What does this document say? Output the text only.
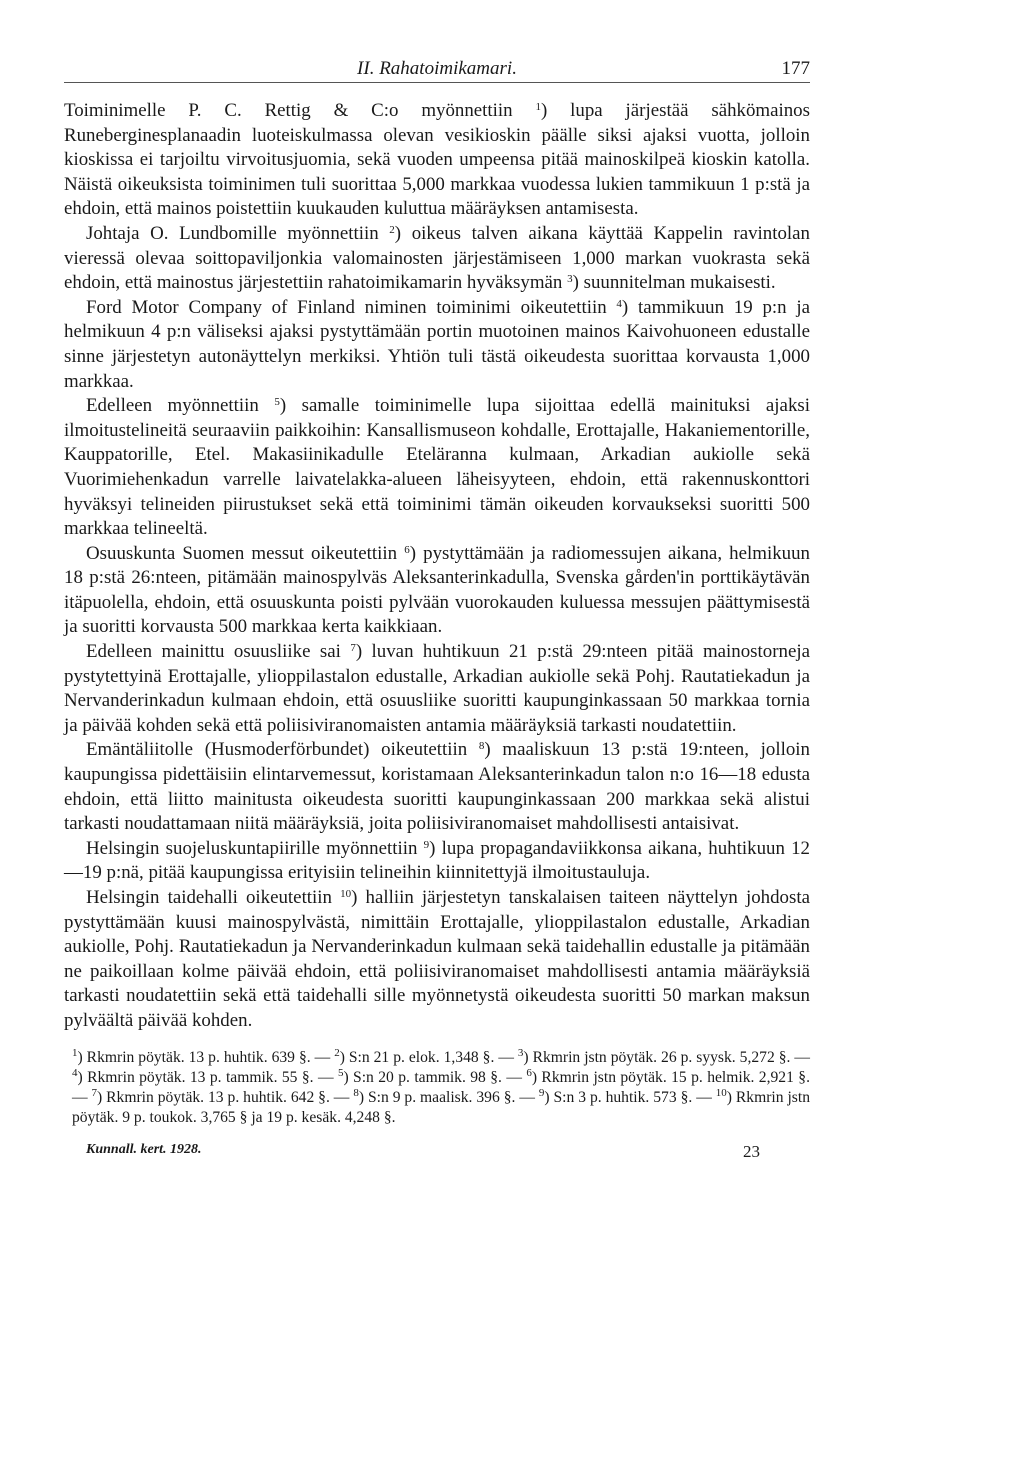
II. Rahatoimikamari.	177

Toiminimelle P. C. Rettig & C:o myönnettiin $^1$) lupa järjestää sähkömainos Runeberginesplanaadin luoteiskulmassa olevan vesikioskin päälle siksi ajaksi vuotta, jolloin kioskissa ei tarjoiltu virvoitusjuomia, sekä vuoden umpeensa pitää mainoskilpeä kioskin katolla. Näistä oikeuksista toiminimen tuli suorittaa 5,000 markkaa vuodessa lukien tammikuun 1 p:stä ja ehdoin, että mainos poistettiin kuukauden kuluttua määräyksen antamisesta.

Johtaja O. Lundbomille myönnettiin $^2$) oikeus talven aikana käyttää Kappelin ravintolan vieressä olevaa soittopaviljonkia valomainosten järjestämiseen 1,000 markan vuokrasta sekä ehdoin, että mainostus järjestettiin rahatoimikamarin hyväksymän $^3$) suunnitelman mukaisesti.

Ford Motor Company of Finland niminen toiminimi oikeutettiin $^4$) tammikuun 19 p:n ja helmikuun 4 p:n väliseksi ajaksi pystyttämään portin muotoinen mainos Kaivohuoneen edustalle sinne järjestetyn autonäyttelyn merkiksi. Yhtiön tuli tästä oikeudesta suorittaa korvausta 1,000 markkaa.

Edelleen myönnettiin $^5$) samalle toiminimelle lupa sijoittaa edellä mainituksi ajaksi ilmoitustelineitä seuraaviin paikkoihin: Kansallismuseon kohdalle, Erottajalle, Hakaniementorille, Kauppatorille, Etel. Makasiinikadulle Eteläranna kulmaan, Arkadian aukiolle sekä Vuorimiehenkadun varrelle laivatelakka-alueen läheisyyteen, ehdoin, että rakennuskonttori hyväksyi telineiden piirustukset sekä että toiminimi tämän oikeuden korvaukseksi suoritti 500 markkaa telineeltä.

Osuuskunta Suomen messut oikeutettiin $^6$) pystyttämään ja radiomessujen aikana, helmikuun 18 p:stä 26:nteen, pitämään mainospylväs Aleksanterinkadulla, Svenska gården'in porttikäytävän itäpuolella, ehdoin, että osuuskunta poisti pylvään vuorokauden kuluessa messujen päättymisestä ja suoritti korvausta 500 markkaa kerta kaikkiaan.

Edelleen mainittu osuusliike sai $^7$) luvan huhtikuun 21 p:stä 29:nteen pitää mainostorneja pystytettyinä Erottajalle, ylioppilastalon edustalle, Arkadian aukiolle sekä Pohj. Rautatiekadun ja Nervanderinkadun kulmaan ehdoin, että osuusliike suoritti kaupunginkassaan 50 markkaa tornia ja päivää kohden sekä että poliisiviranomaisten antamia määräyksiä tarkasti noudatettiin.

Emäntäliitolle (Husmoderförbundet) oikeutettiin $^8$) maaliskuun 13 p:stä 19:nteen, jolloin kaupungissa pidettäisiin elintarvemessut, koristamaan Aleksanterinkadun talon n:o 16—18 edusta ehdoin, että liitto mainitusta oikeudesta suoritti kaupunginkassaan 200 markkaa sekä alistui tarkasti noudattamaan niitä määräyksiä, joita poliisiviranomaiset mahdollisesti antaisivat.

Helsingin suojeluskuntapiirille myönnettiin $^9$) lupa propagandaviikkonsa aikana, huhtikuun 12—19 p:nä, pitää kaupungissa erityisiin telineihin kiinnitettyjä ilmoitustauluja.

Helsingin taidehalli oikeutettiin $^{10}$) halliin järjestetyn tanskalaisen taiteen näyttelyn johdosta pystyttämään kuusi mainospylvästä, nimittäin Erottajalle, ylioppilastalon edustalle, Arkadian aukiolle, Pohj. Rautatiekadun ja Nervanderinkadun kulmaan sekä taidehallin edustalle ja pitämään ne paikoillaan kolme päivää ehdoin, että poliisiviranomaiset mahdollisesti antamia määräyksiä tarkasti noudatettiin sekä että taidehalli sille myönnetystä oikeudesta suoritti 50 markan maksun pylväältä päivää kohden.

$^1$) Rkmrin pöytäk. 13 p. huhtik. 639 §. — $^2$) S:n 21 p. elok. 1,348 §. — $^3$) Rkmrin jstn pöytäk. 26 p. syysk. 5,272 §. — $^4$) Rkmrin pöytäk. 13 p. tammik. 55 §. — $^5$) S:n 20 p. tammik. 98 §. — $^6$) Rkmrin jstn pöytäk. 15 p. helmik. 2,921 §. — $^7$) Rkmrin pöytäk. 13 p. huhtik. 642 §. — $^8$) S:n 9 p. maalisk. 396 §. — $^9$) S:n 3 p. huhtik. 573 §. — $^{10}$) Rkmrin jstn pöytäk. 9 p. toukok. 3,765 § ja 19 p. kesäk. 4,248 §.
Kunnall. kert. 1928.	23
